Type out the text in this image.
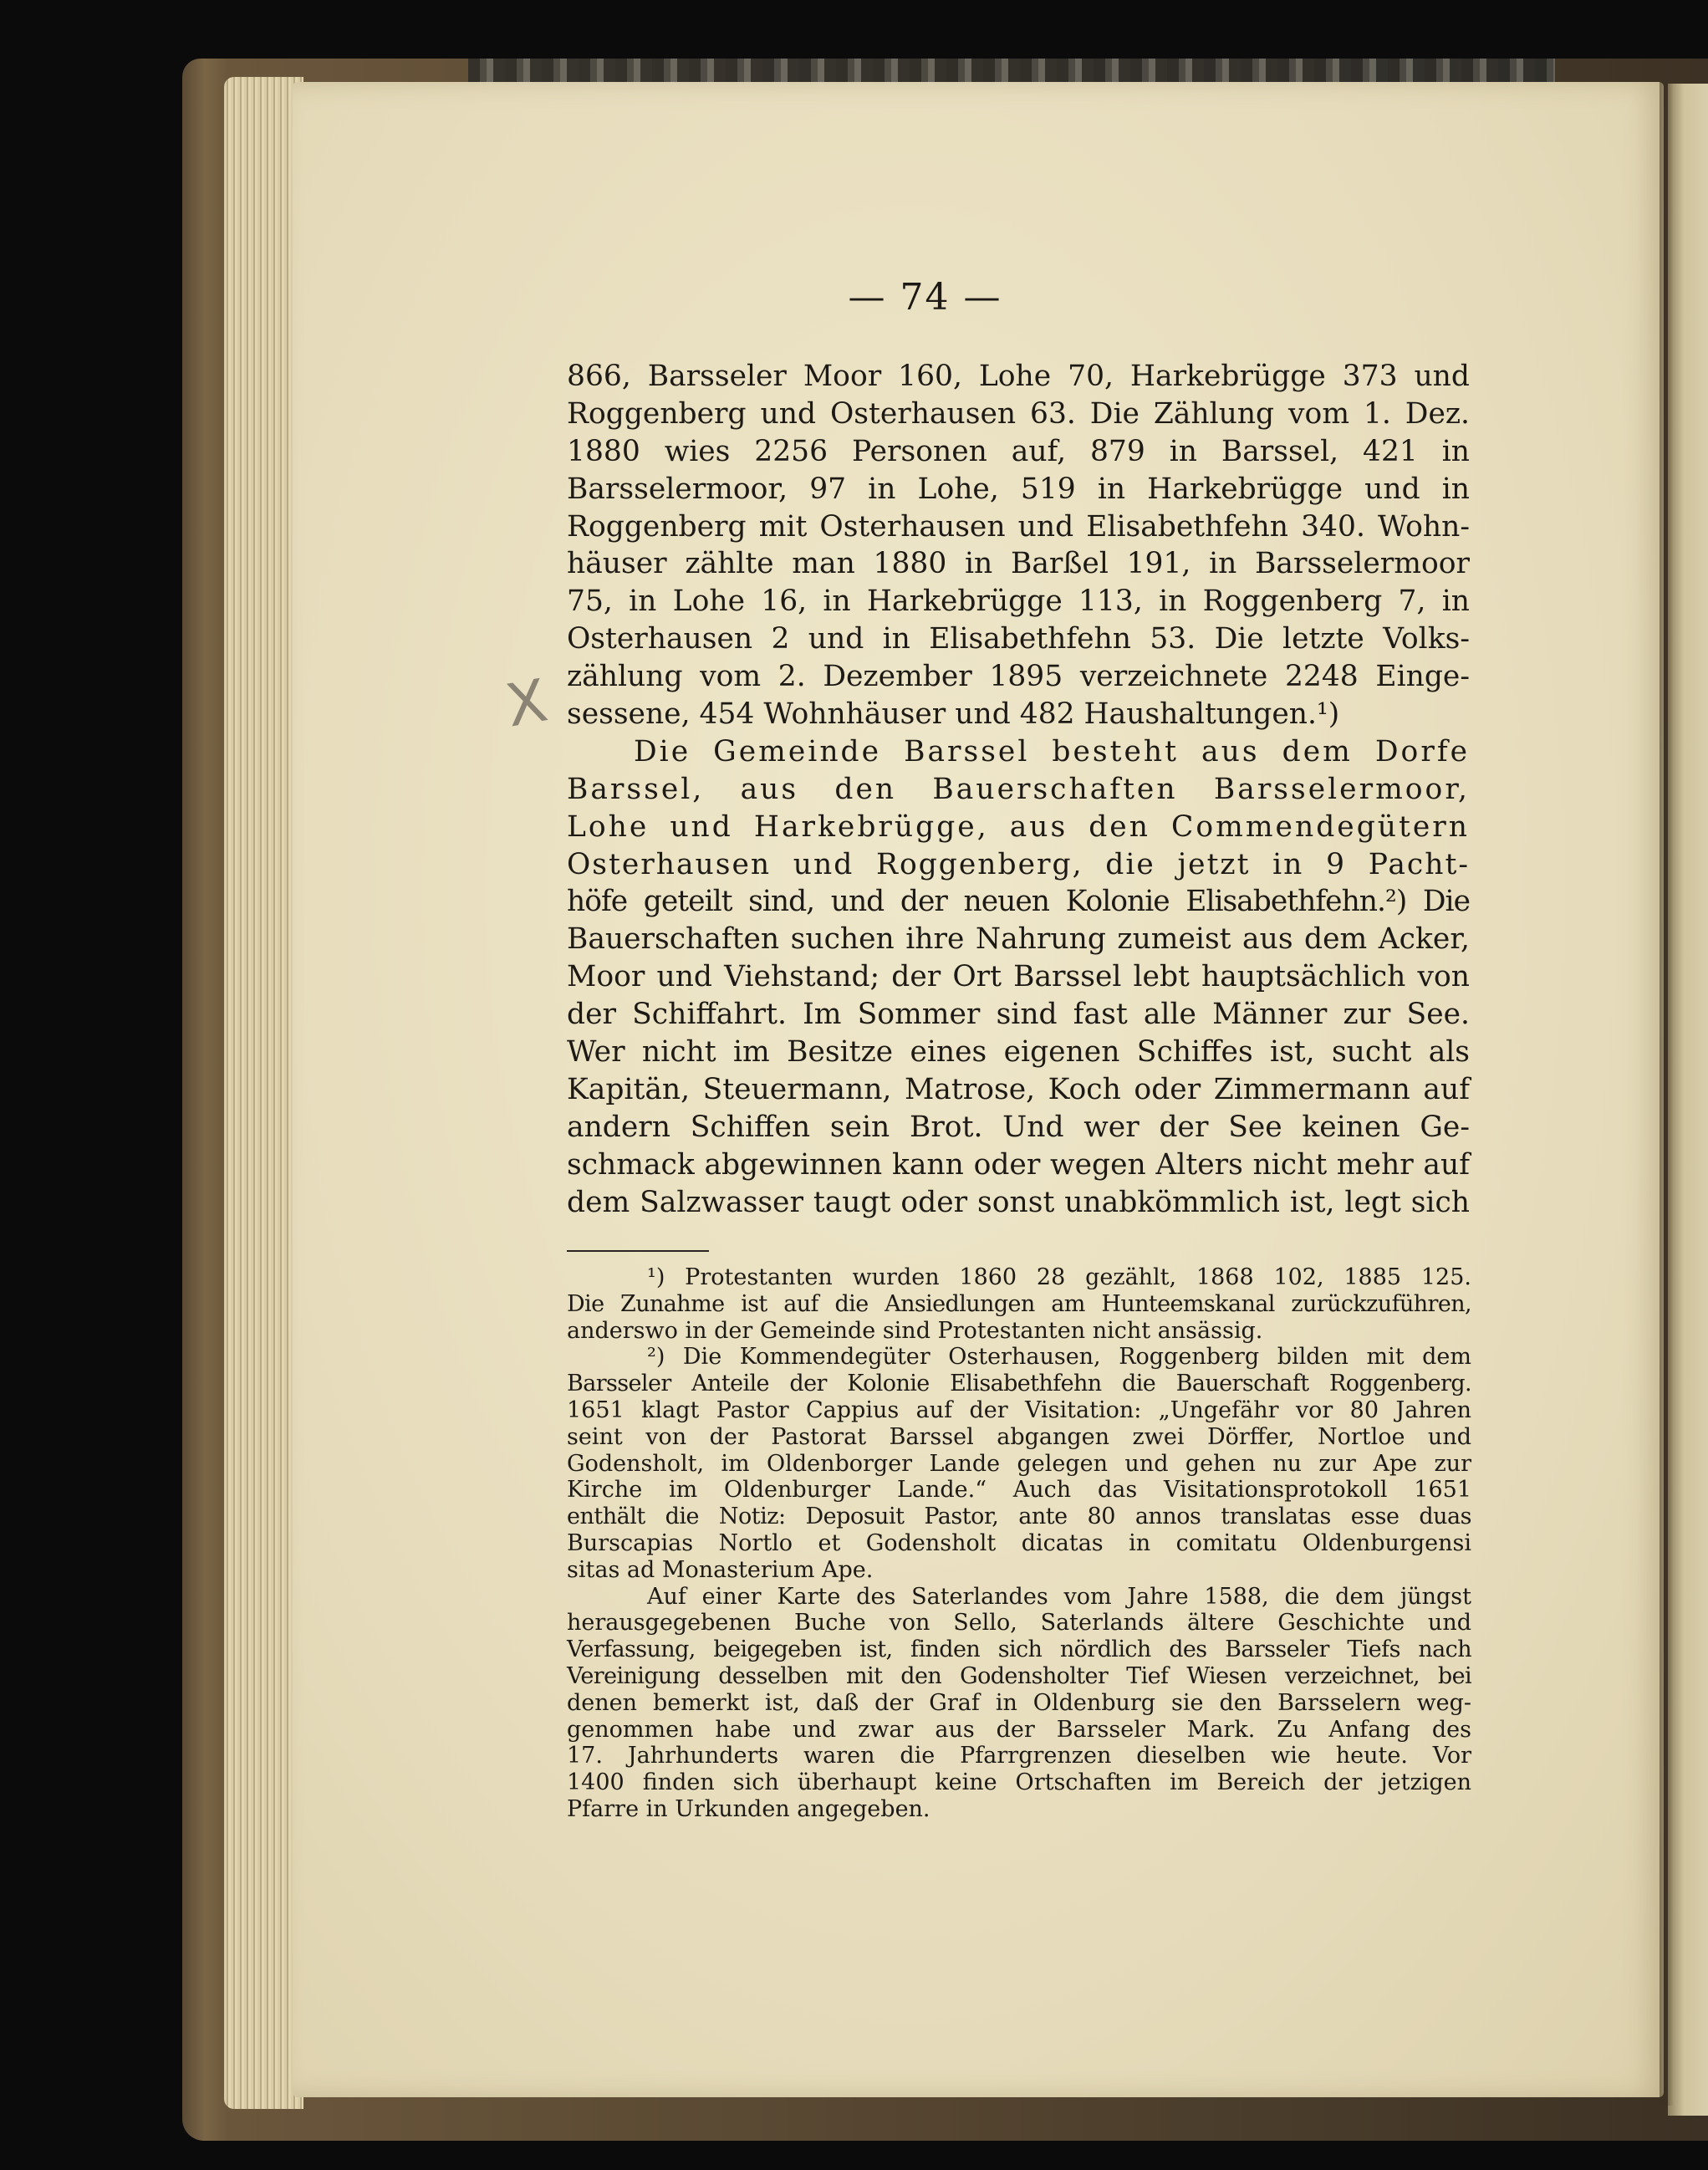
— 74 —
X
866, Barsseler Moor 160, Lohe 70, Harkebrügge 373 und
Roggenberg und Osterhausen 63. Die Zählung vom 1. Dez.
1880 wies 2256 Personen auf, 879 in Barssel, 421 in
Barsselermoor, 97 in Lohe, 519 in Harkebrügge und in
Roggenberg mit Osterhausen und Elisabethfehn 340. Wohn-
häuser zählte man 1880 in Barßel 191, in Barsselermoor
75, in Lohe 16, in Harkebrügge 113, in Roggenberg 7, in
Osterhausen 2 und in Elisabethfehn 53. Die letzte Volks-
zählung vom 2. Dezember 1895 verzeichnete 2248 Einge-
sessene, 454 Wohnhäuser und 482 Haushaltungen.¹)
Die Gemeinde Barssel besteht aus dem Dorfe
Barssel, aus den Bauerschaften Barsselermoor,
Lohe und Harkebrügge, aus den Commendegütern
Osterhausen und Roggenberg, die jetzt in 9 Pacht-
höfe geteilt sind, und der neuen Kolonie Elisabethfehn.²) Die
Bauerschaften suchen ihre Nahrung zumeist aus dem Acker,
Moor und Viehstand; der Ort Barssel lebt hauptsächlich von
der Schiffahrt. Im Sommer sind fast alle Männer zur See.
Wer nicht im Besitze eines eigenen Schiffes ist, sucht als
Kapitän, Steuermann, Matrose, Koch oder Zimmermann auf
andern Schiffen sein Brot. Und wer der See keinen Ge-
schmack abgewinnen kann oder wegen Alters nicht mehr auf
dem Salzwasser taugt oder sonst unabkömmlich ist, legt sich
¹) Protestanten wurden 1860 28 gezählt, 1868 102, 1885 125.
Die Zunahme ist auf die Ansiedlungen am Hunteemskanal zurückzuführen,
anderswo in der Gemeinde sind Protestanten nicht ansässig.
²) Die Kommendegüter Osterhausen, Roggenberg bilden mit dem
Barsseler Anteile der Kolonie Elisabethfehn die Bauerschaft Roggenberg.
1651 klagt Pastor Cappius auf der Visitation: „Ungefähr vor 80 Jahren
seint von der Pastorat Barssel abgangen zwei Dörffer, Nortloe und
Godensholt, im Oldenborger Lande gelegen und gehen nu zur Ape zur
Kirche im Oldenburger Lande.“ Auch das Visitationsprotokoll 1651
enthält die Notiz: Deposuit Pastor, ante 80 annos translatas esse duas
Burscapias Nortlo et Godensholt dicatas in comitatu Oldenburgensi
sitas ad Monasterium Ape.
Auf einer Karte des Saterlandes vom Jahre 1588, die dem jüngst
herausgegebenen Buche von Sello, Saterlands ältere Geschichte und
Verfassung, beigegeben ist, finden sich nördlich des Barsseler Tiefs nach
Vereinigung desselben mit den Godensholter Tief Wiesen verzeichnet, bei
denen bemerkt ist, daß der Graf in Oldenburg sie den Barsselern weg-
genommen habe und zwar aus der Barsseler Mark. Zu Anfang des
17. Jahrhunderts waren die Pfarrgrenzen dieselben wie heute. Vor
1400 finden sich überhaupt keine Ortschaften im Bereich der jetzigen
Pfarre in Urkunden angegeben.
